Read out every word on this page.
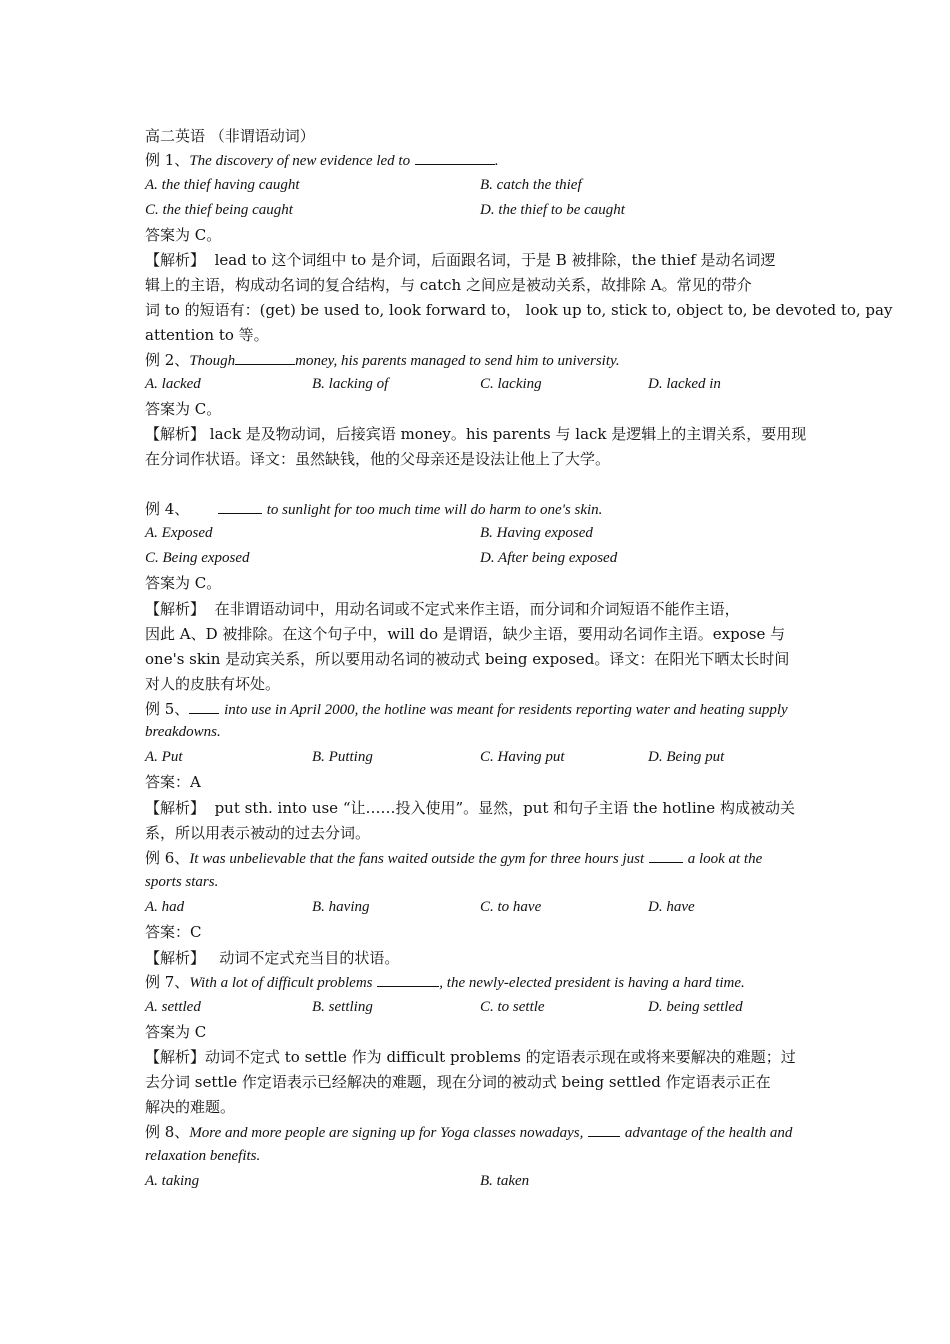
高二英语 （非谓语动词）
例 1、The discovery of new evidence led to	.
A. the thief having caught	B. catch the thief
C. the thief being caught	D. the thief to be caught
答案为 C。
【解析】 lead to 这个词组中 to 是介词，后面跟名词，于是 B 被排除，the thief 是动名词逻
辑上的主语，构成动名词的复合结构，与 catch 之间应是被动关系，故排除 A。常见的带介
词 to 的短语有：(get) be used to, look forward to， look up to, stick to, object to, be devoted to, pay
attention to 等。
例 2、Though	money, his parents managed to send him to university.
A. lacked	B. lacking of	C. lacking	D. lacked in
答案为 C。
【解析】 lack 是及物动词，后接宾语 money。his parents 与 lack 是逻辑上的主谓关系，要用现
在分词作状语。译文：虽然缺钱，他的父母亲还是设法让他上了大学。
例 4、	to sunlight for too much time will do harm to one's skin.
A. Exposed	B. Having exposed
C. Being exposed	D. After being exposed
答案为 C。
【解析】 在非谓语动词中，用动名词或不定式来作主语，而分词和介词短语不能作主语，
因此 A、D 被排除。在这个句子中，will do 是谓语，缺少主语，要用动名词作主语。expose 与
one's skin 是动宾关系，所以要用动名词的被动式 being exposed。译文：在阳光下晒太长时间
对人的皮肤有坏处。
例 5、 into use in April 2000, the hotline was meant for residents reporting water and heating supply
breakdowns.
A. Put	B. Putting	C. Having put	D. Being put
答案：A
【解析】 put sth. into use “让……投入使用”。显然，put 和句子主语 the hotline 构成被动关
系，所以用表示被动的过去分词。
例 6、It was unbelievable that the fans waited outside the gym for three hours just	a look at the
sports stars.
A. had	B. having	C. to have	D. have
答案：C
【解析】 动词不定式充当目的状语。
例 7、With a lot of difficult problems	, the newly-elected president is having a hard time.
A. settled	B. settling	C. to settle	D. being settled
答案为 C
【解析】动词不定式 to settle 作为 difficult problems 的定语表示现在或将来要解决的难题；过
去分词 settle 作定语表示已经解决的难题，现在分词的被动式 being settled 作定语表示正在
解决的难题。
例 8、More and more people are signing up for Yoga classes nowadays,	advantage of the health and
relaxation benefits.
A. taking	B. taken
